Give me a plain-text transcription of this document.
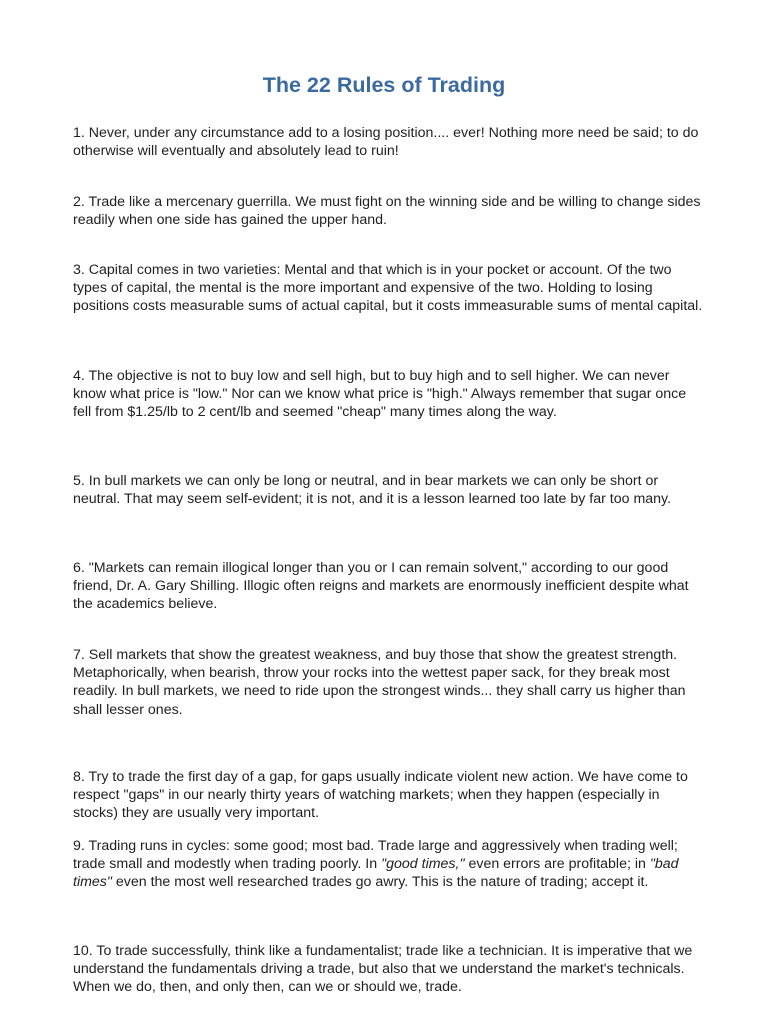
The 22 Rules of Trading

1. Never, under any circumstance add to a losing position.... ever! Nothing more need be said; to do otherwise will eventually and absolutely lead to ruin!

2. Trade like a mercenary guerrilla. We must fight on the winning side and be willing to change sides readily when one side has gained the upper hand.

3. Capital comes in two varieties: Mental and that which is in your pocket or account. Of the two types of capital, the mental is the more important and expensive of the two. Holding to losing positions costs measurable sums of actual capital, but it costs immeasurable sums of mental capital.

4. The objective is not to buy low and sell high, but to buy high and to sell higher. We can never know what price is "low." Nor can we know what price is "high." Always remember that sugar once fell from $1.25/lb to 2 cent/lb and seemed "cheap" many times along the way.

5. In bull markets we can only be long or neutral, and in bear markets we can only be short or neutral. That may seem self-evident; it is not, and it is a lesson learned too late by far too many.

6. "Markets can remain illogical longer than you or I can remain solvent," according to our good friend, Dr. A. Gary Shilling. Illogic often reigns and markets are enormously inefficient despite what the academics believe.

7. Sell markets that show the greatest weakness, and buy those that show the greatest strength. Metaphorically, when bearish, throw your rocks into the wettest paper sack, for they break most readily. In bull markets, we need to ride upon the strongest winds... they shall carry us higher than shall lesser ones.

8. Try to trade the first day of a gap, for gaps usually indicate violent new action. We have come to respect "gaps" in our nearly thirty years of watching markets; when they happen (especially in stocks) they are usually very important.

9. Trading runs in cycles: some good; most bad. Trade large and aggressively when trading well; trade small and modestly when trading poorly. In "good times," even errors are profitable; in "bad times" even the most well researched trades go awry. This is the nature of trading; accept it.

10. To trade successfully, think like a fundamentalist; trade like a technician. It is imperative that we understand the fundamentals driving a trade, but also that we understand the market's technicals. When we do, then, and only then, can we or should we, trade.
